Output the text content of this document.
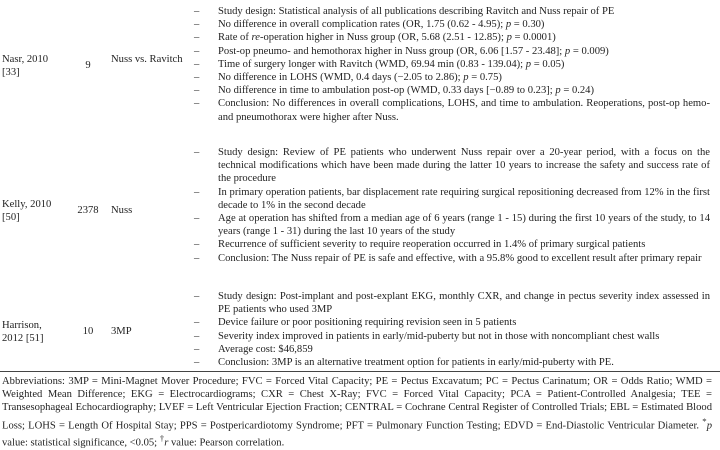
Nasr, 2010 [33]
9
Nuss vs. Ravitch
– Study design: Statistical analysis of all publications describing Ravitch and Nuss repair of PE
– No difference in overall complication rates (OR, 1.75 (0.62 - 4.95); p = 0.30)
– Rate of re-operation higher in Nuss group (OR, 5.68 (2.51 - 12.85); p = 0.0001)
– Post-op pneumo- and hemothorax higher in Nuss group (OR, 6.06 [1.57 - 23.48]; p = 0.009)
– Time of surgery longer with Ravitch (WMD, 69.94 min (0.83 - 139.04); p = 0.05)
– No difference in LOHS (WMD, 0.4 days (−2.05 to 2.86); p = 0.75)
– No difference in time to ambulation post-op (WMD, 0.33 days [−0.89 to 0.23]; p = 0.24)
– Conclusion: No differences in overall complications, LOHS, and time to ambulation. Reoperations, post-op hemo- and pneumothorax were higher after Nuss.
Kelly, 2010 [50]
2378	Nuss
– Study design: Review of PE patients who underwent Nuss repair over a 20-year period, with a focus on the technical modifications which have been made during the latter 10 years to increase the safety and success rate of the procedure
– In primary operation patients, bar displacement rate requiring surgical repositioning decreased from 12% in the first decade to 1% in the second decade
– Age at operation has shifted from a median age of 6 years (range 1 - 15) during the first 10 years of the study, to 14 years (range 1 - 31) during the last 10 years of the study
– Recurrence of sufficient severity to require reoperation occurred in 1.4% of primary surgical patients
– Conclusion: The Nuss repair of PE is safe and effective, with a 95.8% good to excellent result after primary repair
Harrison, 2012 [51]
10	3MP
– Study design: Post-implant and post-explant EKG, monthly CXR, and change in pectus severity index assessed in PE patients who used 3MP
– Device failure or poor positioning requiring revision seen in 5 patients
– Severity index improved in patients in early/mid-puberty but not in those with noncompliant chest walls
– Average cost: $46,859
– Conclusion: 3MP is an alternative treatment option for patients in early/mid-puberty with PE.
Abbreviations: 3MP = Mini-Magnet Mover Procedure; FVC = Forced Vital Capacity; PE = Pectus Excavatum; PC = Pectus Carinatum; OR = Odds Ratio; WMD = Weighted Mean Difference; EKG = Electrocardiograms; CXR = Chest X-Ray; FVC = Forced Vital Capacity; PCA = Patient-Controlled Analgesia; TEE = Transesophageal Echocardiography; LVEF = Left Ventricular Ejection Fraction; CENTRAL = Cochrane Central Register of Controlled Trials; EBL = Estimated Blood Loss; LOHS = Length Of Hospital Stay; PPS = Postpericardiotomy Syndrome; PFT = Pulmonary Function Testing; EDVD = End-Diastolic Ventricular Diameter. *p value: statistical significance, <0.05; †r value: Pearson correlation.
